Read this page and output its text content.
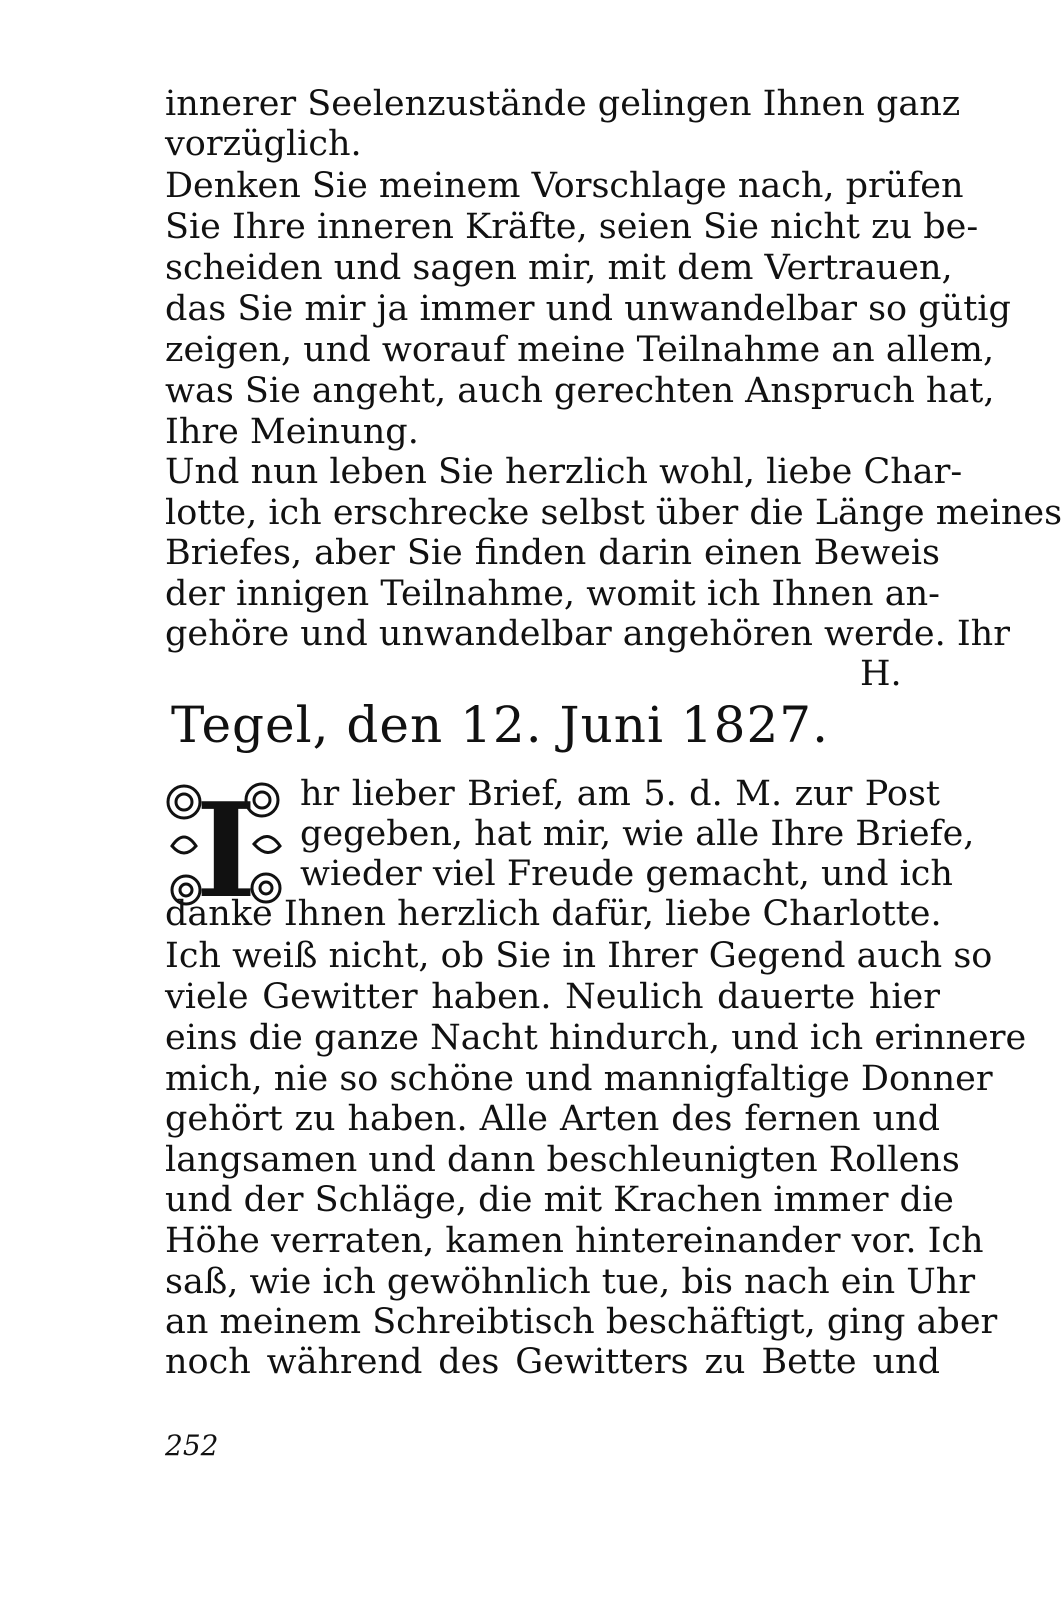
innerer Seelenzustände gelingen Ihnen ganz
vorzüglich.
Denken Sie meinem Vorschlage nach, prüfen
Sie Ihre inneren Kräfte, seien Sie nicht zu be-
scheiden und sagen mir, mit dem Vertrauen,
das Sie mir ja immer und unwandelbar so gütig
zeigen, und worauf meine Teilnahme an allem,
was Sie angeht, auch gerechten Anspruch hat,
Ihre Meinung.
Und nun leben Sie herzlich wohl, liebe Char-
lotte, ich erschrecke selbst über die Länge meines
Briefes, aber Sie finden darin einen Beweis
der innigen Teilnahme, womit ich Ihnen an-
gehöre und unwandelbar angehören werde. Ihr
H.
Tegel, den 12. Juni 1827.
I hr lieber Brief, am 5. d. M. zur Post
gegeben, hat mir, wie alle Ihre Briefe,
wieder viel Freude gemacht, und ich
danke Ihnen herzlich dafür, liebe Charlotte.
Ich weiß nicht, ob Sie in Ihrer Gegend auch so
viele Gewitter haben. Neulich dauerte hier
eins die ganze Nacht hindurch, und ich erinnere
mich, nie so schöne und mannigfaltige Donner
gehört zu haben. Alle Arten des fernen und
langsamen und dann beschleunigten Rollens
und der Schläge, die mit Krachen immer die
Höhe verraten, kamen hintereinander vor. Ich
saß, wie ich gewöhnlich tue, bis nach ein Uhr
an meinem Schreibtisch beschäftigt, ging aber
noch während des Gewitters zu Bette und
252
